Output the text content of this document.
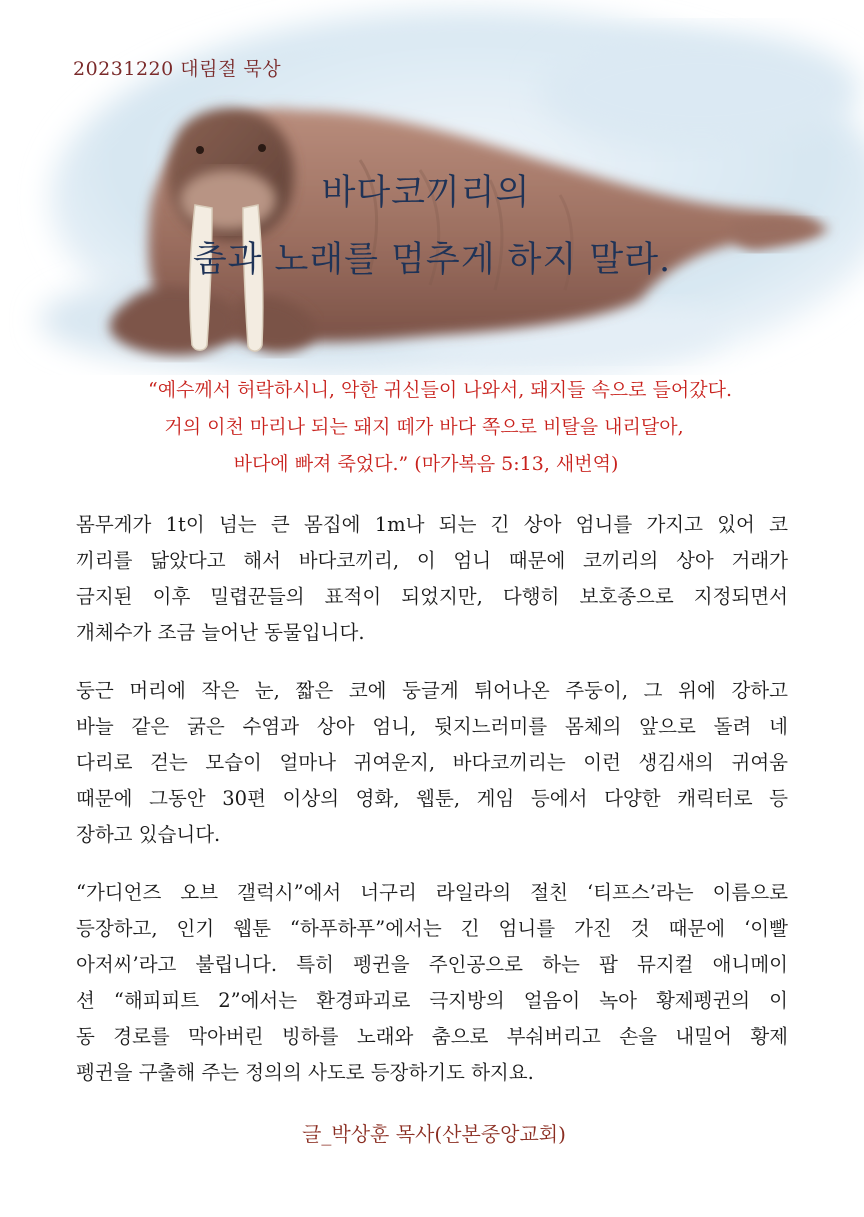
20231220 대림절 묵상
바다코끼리의
춤과 노래를 멈추게 하지 말라.
“예수께서 허락하시니, 악한 귀신들이 나와서, 돼지들 속으로 들어갔다.
거의 이천 마리나 되는 돼지 떼가 바다 쪽으로 비탈을 내리달아,
바다에 빠져 죽었다.” (마가복음 5:13, 새번역)
몸무게가 1t이 넘는 큰 몸집에 1m나 되는 긴 상아 엄니를 가지고 있어 코
끼리를 닮았다고 해서 바다코끼리, 이 엄니 때문에 코끼리의 상아 거래가
금지된 이후 밀렵꾼들의 표적이 되었지만, 다행히 보호종으로 지정되면서
개체수가 조금 늘어난 동물입니다.
둥근 머리에 작은 눈, 짧은 코에 둥글게 튀어나온 주둥이, 그 위에 강하고
바늘 같은 굵은 수염과 상아 엄니, 뒷지느러미를 몸체의 앞으로 돌려 네
다리로 걷는 모습이 얼마나 귀여운지, 바다코끼리는 이런 생김새의 귀여움
때문에 그동안 30편 이상의 영화, 웹툰, 게임 등에서 다양한 캐릭터로 등
장하고 있습니다.
“가디언즈 오브 갤럭시”에서 너구리 라일라의 절친 ‘티프스’라는 이름으로
등장하고, 인기 웹툰 “하푸하푸”에서는 긴 엄니를 가진 것 때문에 ‘이빨
아저씨’라고 불립니다. 특히 펭귄을 주인공으로 하는 팝 뮤지컬 애니메이
션 “해피피트 2”에서는 환경파괴로 극지방의 얼음이 녹아 황제펭귄의 이
동 경로를 막아버린 빙하를 노래와 춤으로 부숴버리고 손을 내밀어 황제
펭귄을 구출해 주는 정의의 사도로 등장하기도 하지요.
글_박상훈 목사(산본중앙교회)
